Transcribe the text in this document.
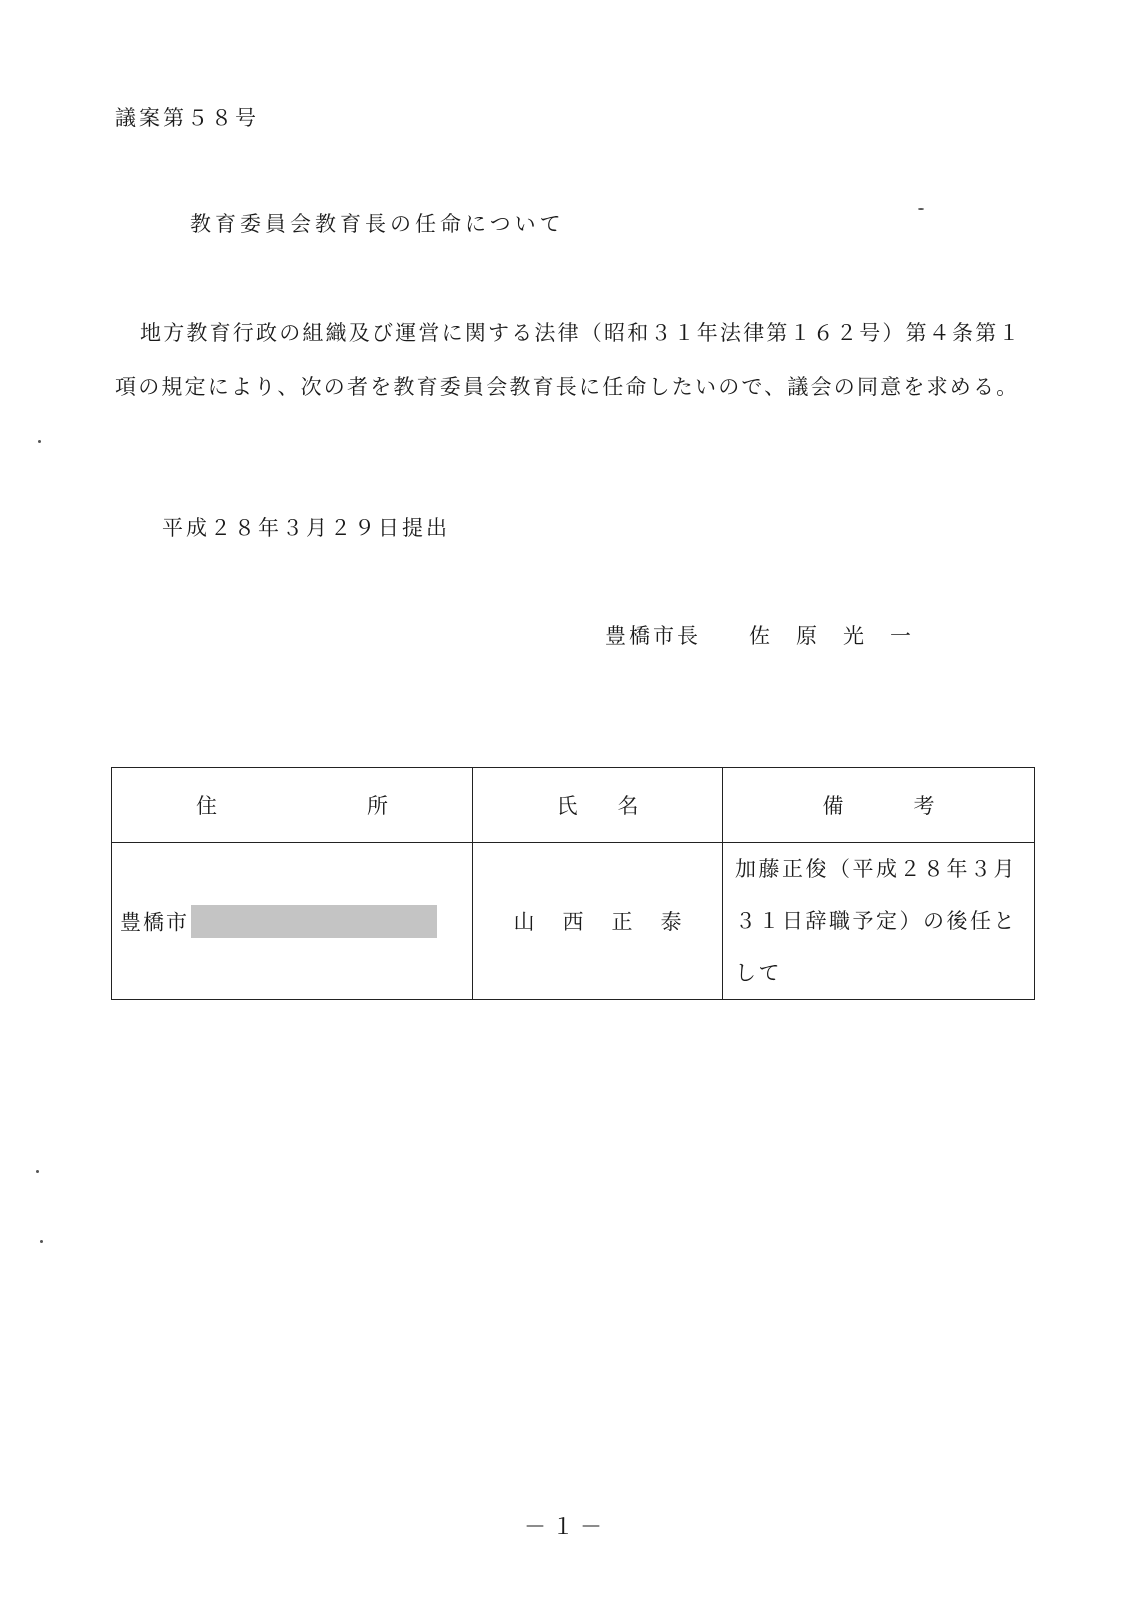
議案第５８号
教育委員会教育長の任命について
地方教育行政の組織及び運営に関する法律（昭和３１年法律第１６２号）第４条第１項の規定により、次の者を教育委員会教育長に任命したいので、議会の同意を求める。
平成２８年３月２９日提出
豊橋市長 佐原光一
住所	氏名	備考
豊橋市	山西正泰	加藤正俊（平成２８年３月３１日辞職予定）の後任として
－１－
